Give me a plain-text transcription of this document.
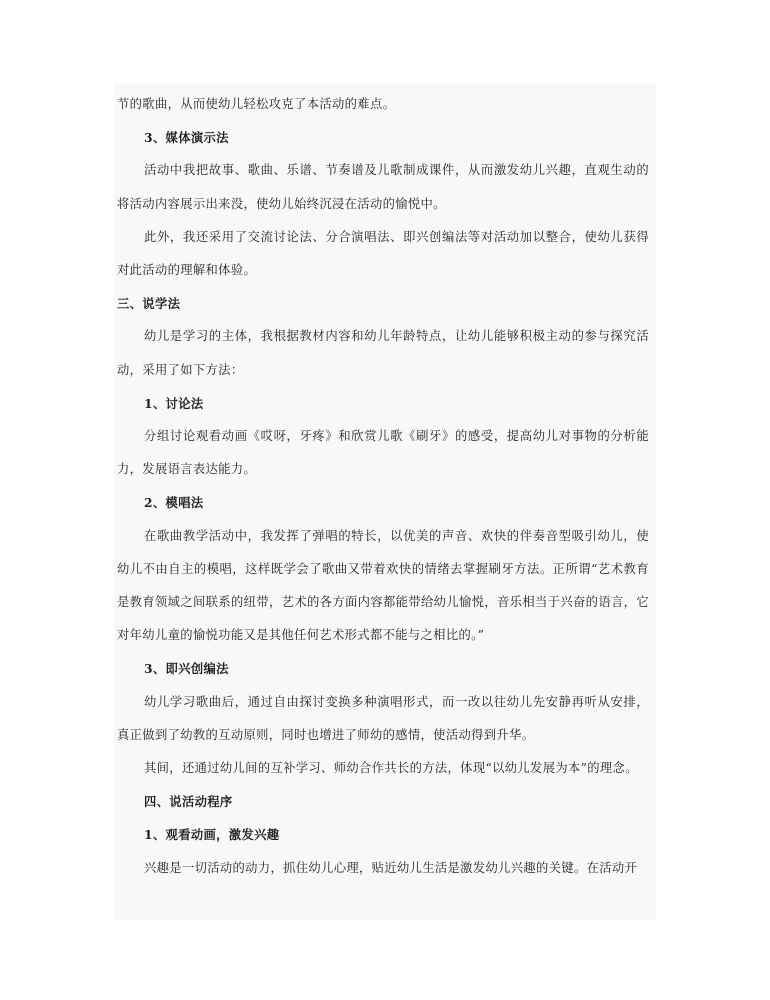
节的歌曲，从而使幼儿轻松攻克了本活动的难点。

3、媒体演示法

活动中我把故事、歌曲、乐谱、节奏谱及儿歌制成课件，从而激发幼儿兴趣，直观生动的将活动内容展示出来没，使幼儿始终沉浸在活动的愉悦中。

此外，我还采用了交流讨论法、分合演唱法、即兴创编法等对活动加以整合，使幼儿获得对此活动的理解和体验。

三、说学法

幼儿是学习的主体，我根据教材内容和幼儿年龄特点，让幼儿能够积极主动的参与探究活动，采用了如下方法：

1、讨论法

分组讨论观看动画《哎呀，牙疼》和欣赏儿歌《刷牙》的感受，提高幼儿对事物的分析能力，发展语言表达能力。

2、模唱法

在歌曲教学活动中，我发挥了弹唱的特长，以优美的声音、欢快的伴奏音型吸引幼儿，使幼儿不由自主的模唱，这样既学会了歌曲又带着欢快的情绪去掌握刷牙方法。正所谓“艺术教育是教育领域之间联系的纽带，艺术的各方面内容都能带给幼儿愉悦，音乐相当于兴奋的语言，它对年幼儿童的愉悦功能又是其他任何艺术形式都不能与之相比的。”

3、即兴创编法

幼儿学习歌曲后，通过自由探讨变换多种演唱形式，而一改以往幼儿先安静再听从安排，真正做到了幼教的互动原则，同时也增进了师幼的感情，使活动得到升华。

其间，还通过幼儿间的互补学习、师幼合作共长的方法，体现“以幼儿发展为本”的理念。

四、说活动程序

1、观看动画，激发兴趣

兴趣是一切活动的动力，抓住幼儿心理，贴近幼儿生活是激发幼儿兴趣的关键。在活动开
